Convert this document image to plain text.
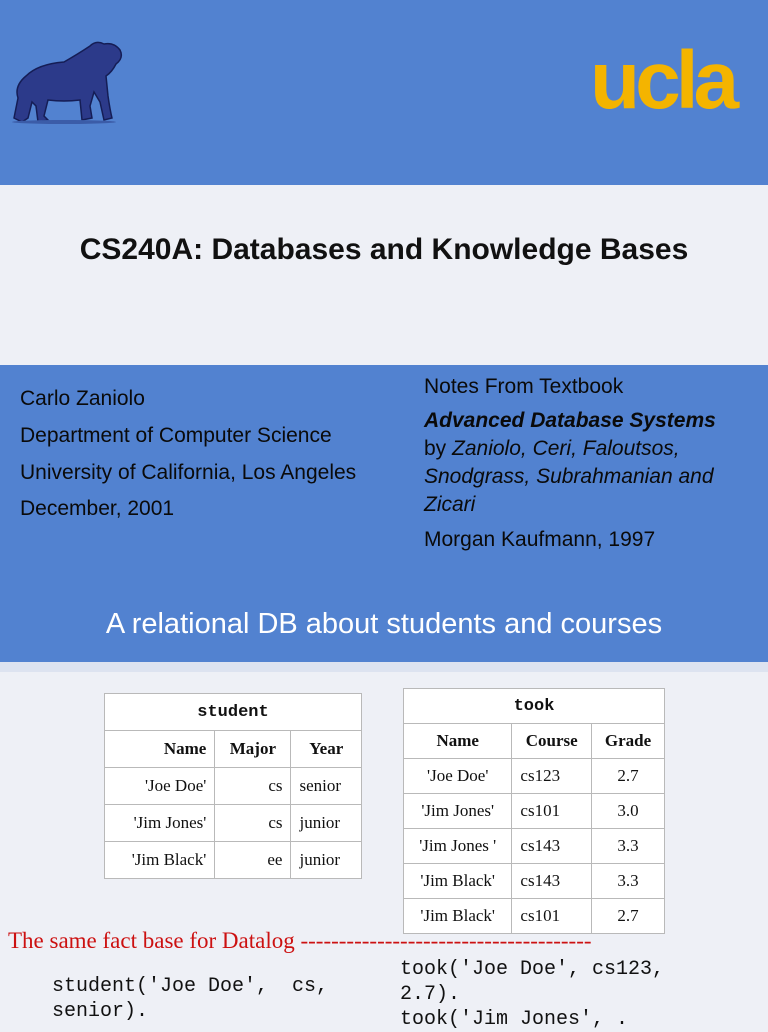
ucla
CS240A: Databases and Knowledge Bases
Carlo Zaniolo
Department of Computer Science
University of California, Los Angeles
December, 2001
Notes From Textbook
Advanced Database Systems
by Zaniolo, Ceri, Faloutsos, Snodgrass, Subrahmanian and Zicari
Morgan Kaufmann, 1997
A relational DB about students and courses
student		
Name	Major	Year
'Joe Doe'	cs	senior
'Jim Jones'	cs	junior
'Jim Black'	ee	junior
took		
Name	Course	Grade
'Joe Doe'	cs123	2.7
'Jim Jones'	cs101	3.0
'Jim Jones '	cs143	3.3
'Jim Black'	cs143	3.3
'Jim Black'	cs101	2.7
The same fact base for Datalog --------------------------------------
student('Joe Doe',  cs,
senior).
took('Joe Doe', cs123,
2.7).
took('Jim Jones', .
